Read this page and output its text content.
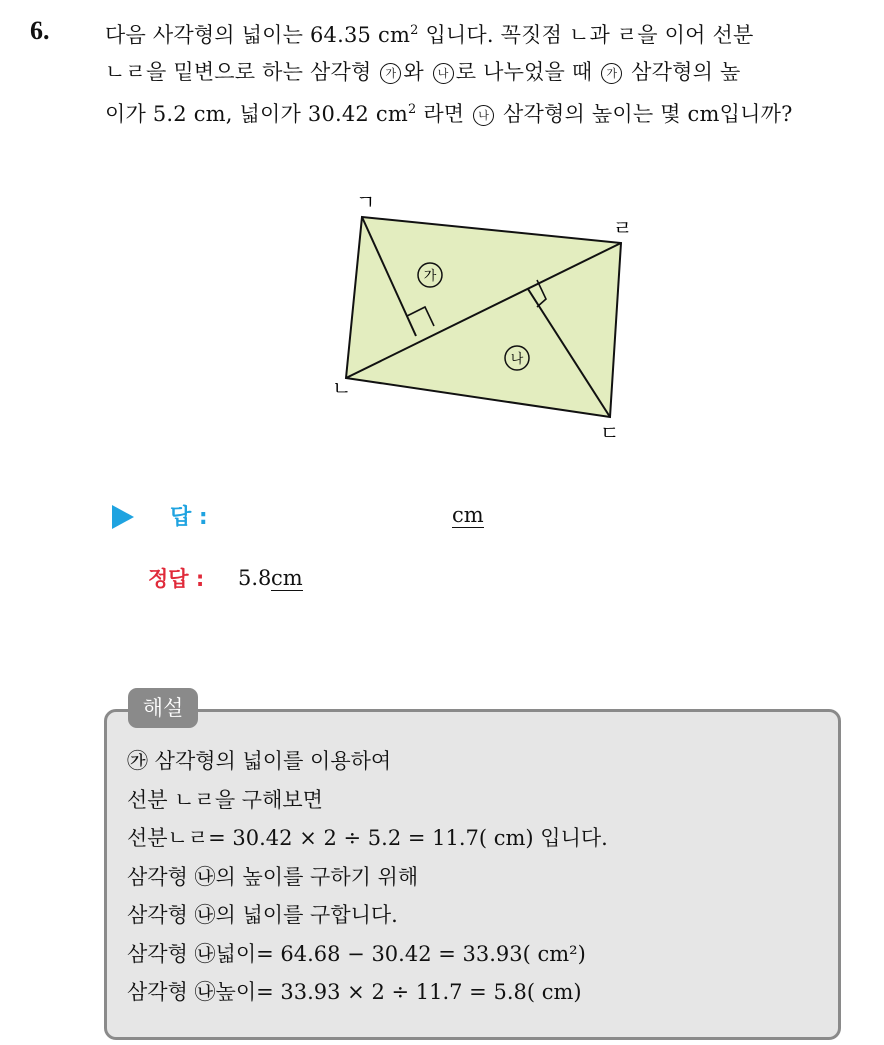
6.	다음 사각형의 넓이는 64.35 $cm^2$ 입니다. 꼭짓점 ㄴ과 ㄹ을 이어 선분
ㄴㄹ을 밑변으로 하는 삼각형 가 와 나 로 나누었을 때 가 삼각형의 높
이가 5.2 cm, 넓이가 30.42 $cm^2$ 라면 나 삼각형의 높이는 몇 cm입니까?
가
나
ㄱ
ㄹ
ㄴ
ㄷ
답 :	cm
정답 : 5.8 cm
해설
㉮ 삼각형의 넓이를 이용하여
선분 ㄴㄹ을 구해보면
선분ㄴㄹ= 30.42 × 2 ÷ 5.2 = 11.7( cm) 입니다.
삼각형 ㉯의 높이를 구하기 위해
삼각형 ㉯의 넓이를 구합니다.
삼각형 ㉯넓이= 64.68 − 30.42 = 33.93( cm²)
삼각형 ㉯높이= 33.93 × 2 ÷ 11.7 = 5.8( cm)
